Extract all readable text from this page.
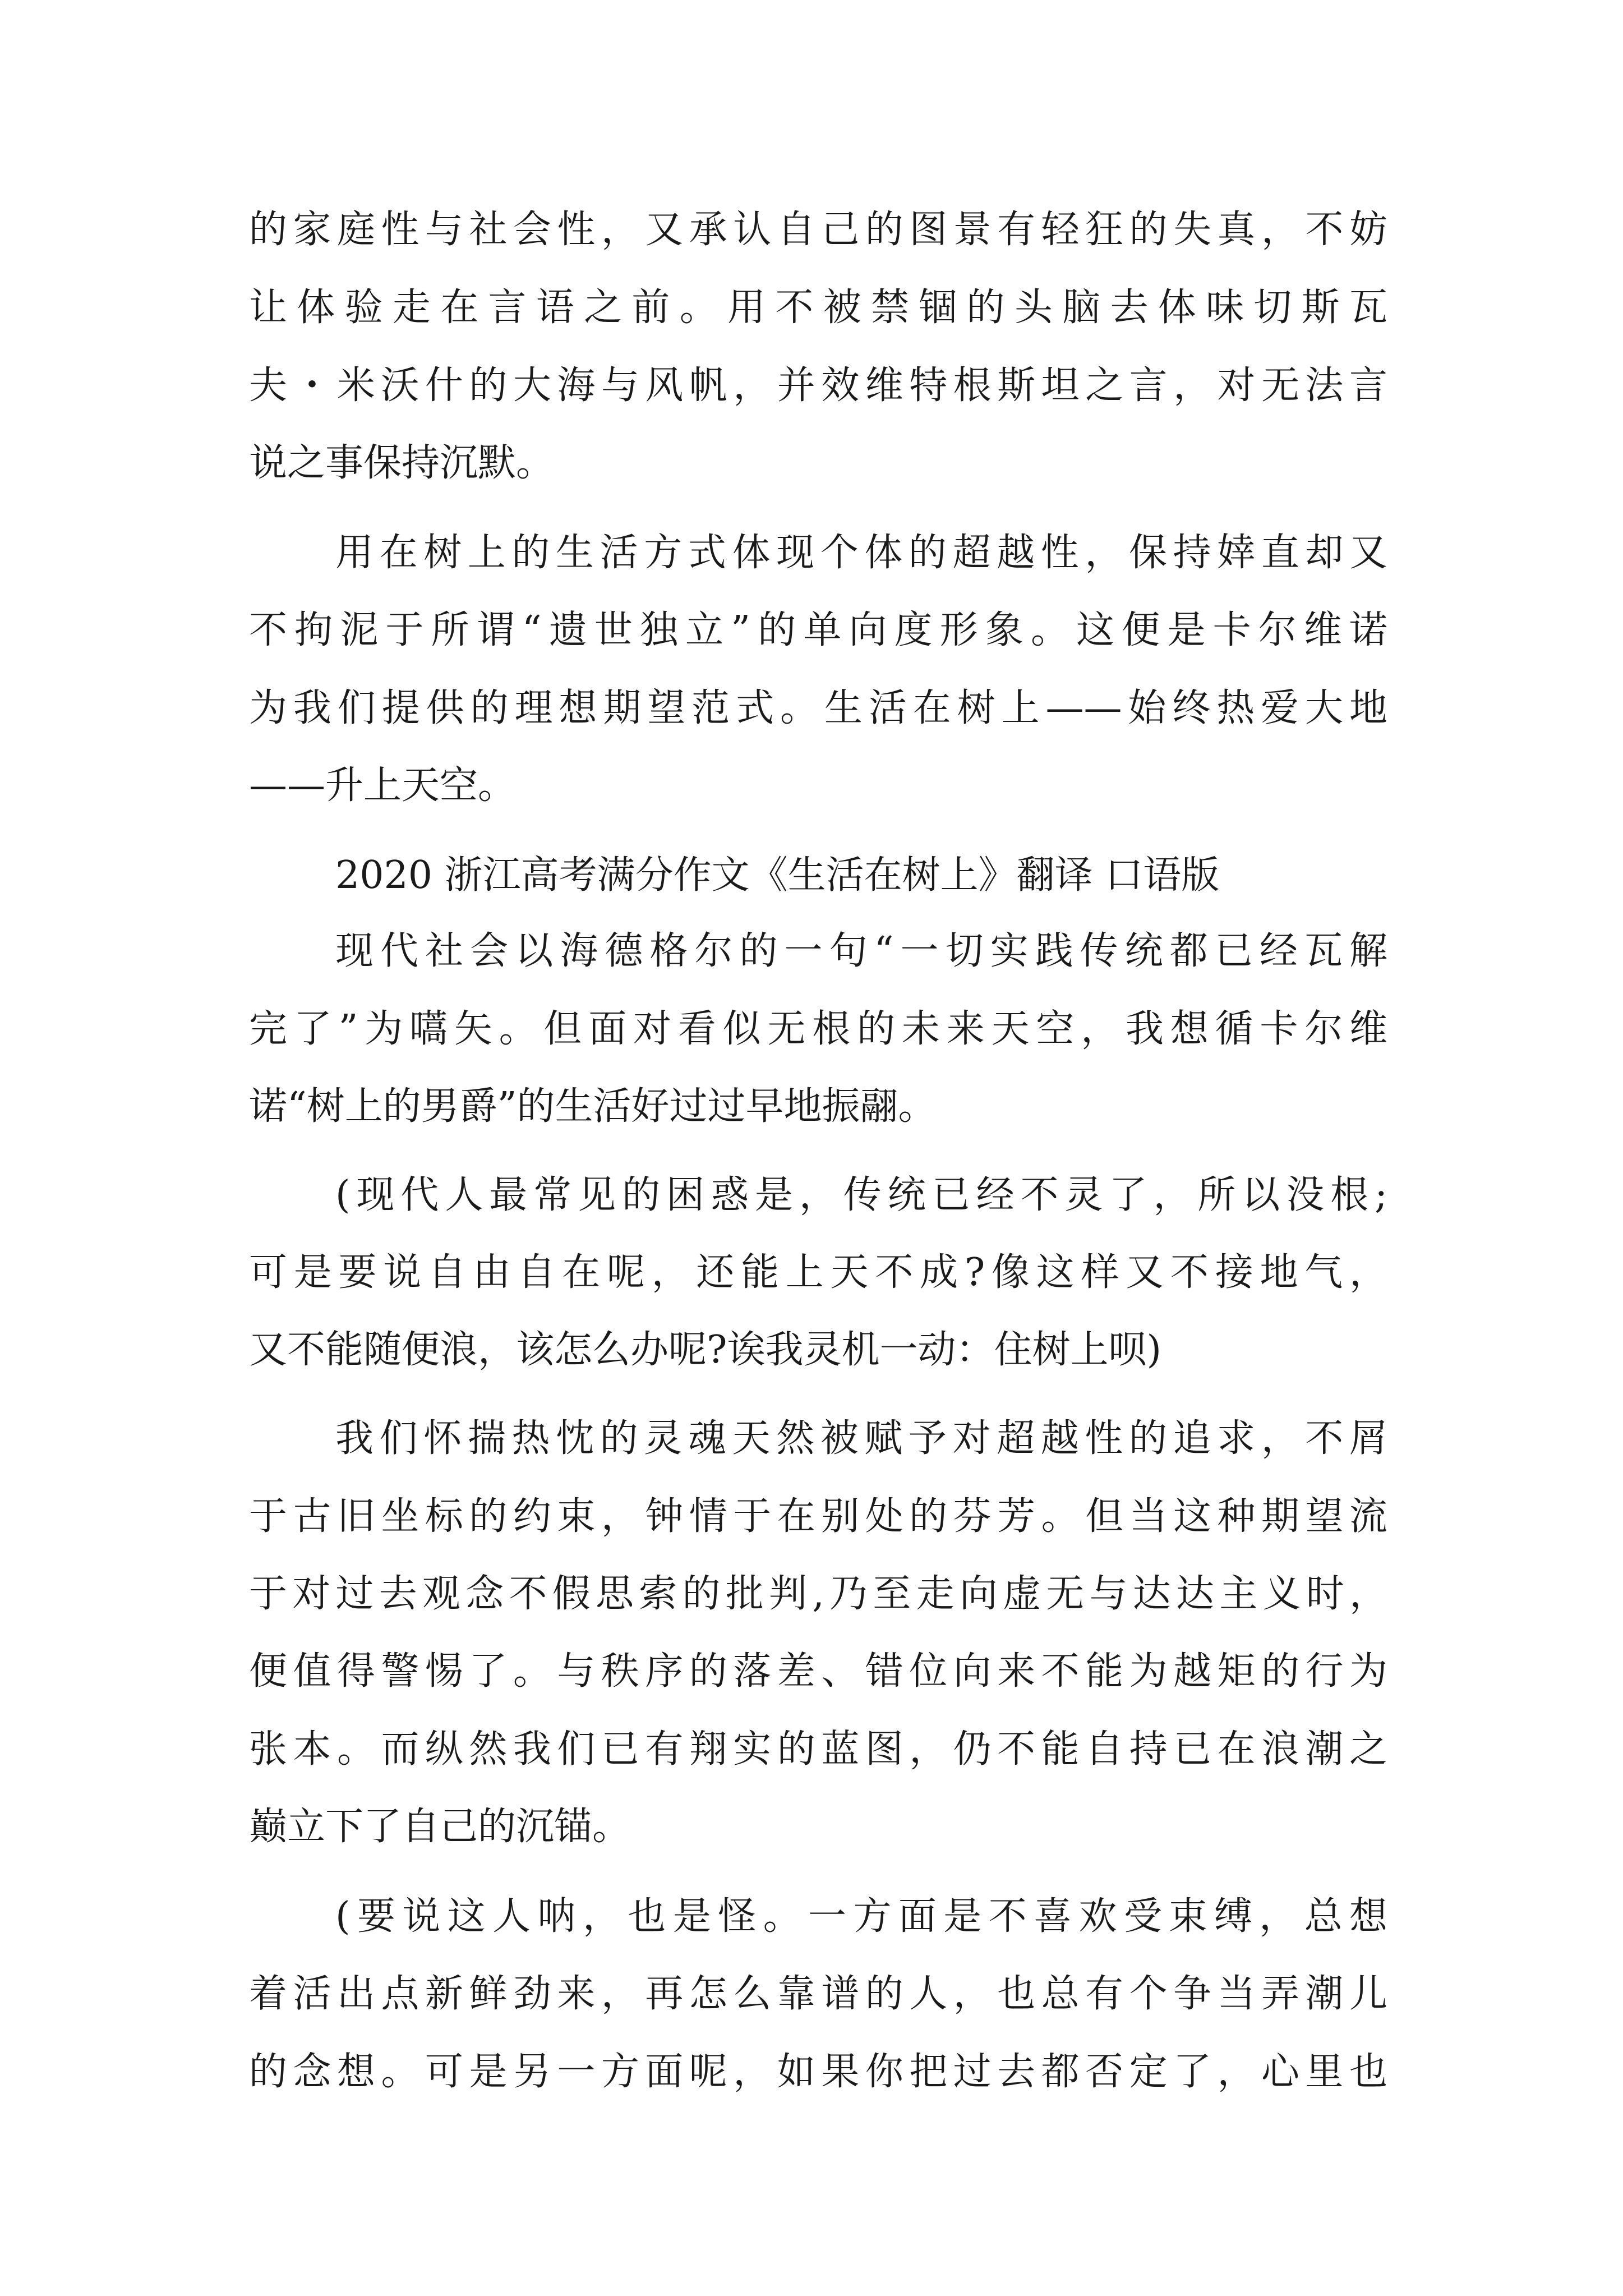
的家庭性与社会性，又承认自己的图景有轻狂的失真，不妨
让体验走在言语之前。用不被禁锢的头脑去体味切斯瓦
夫・米沃什的大海与风帆，并效维特根斯坦之言，对无法言
说之事保持沉默。
用在树上的生活方式体现个体的超越性，保持婞直却又
不拘泥于所谓“遗世独立”的单向度形象。这便是卡尔维诺
为我们提供的理想期望范式。生活在树上——始终热爱大地
——升上天空。
2020 浙江高考满分作文《生活在树上》翻译 口语版
现代社会以海德格尔的一句“一切实践传统都已经瓦解
完了”为嚆矢。但面对看似无根的未来天空，我想循卡尔维
诺“树上的男爵”的生活好过过早地振翮。
(现代人最常见的困惑是，传统已经不灵了，所以没根;
可是要说自由自在呢，还能上天不成?像这样又不接地气，
又不能随便浪，该怎么办呢?诶我灵机一动：住树上呗)
我们怀揣热忱的灵魂天然被赋予对超越性的追求，不屑
于古旧坐标的约束，钟情于在别处的芬芳。但当这种期望流
于对过去观念不假思索的批判,乃至走向虚无与达达主义时，
便值得警惕了。与秩序的落差、错位向来不能为越矩的行为
张本。而纵然我们已有翔实的蓝图，仍不能自持已在浪潮之
巅立下了自己的沉锚。
(要说这人呐，也是怪。一方面是不喜欢受束缚，总想
着活出点新鲜劲来，再怎么靠谱的人，也总有个争当弄潮儿
的念想。可是另一方面呢，如果你把过去都否定了，心里也
